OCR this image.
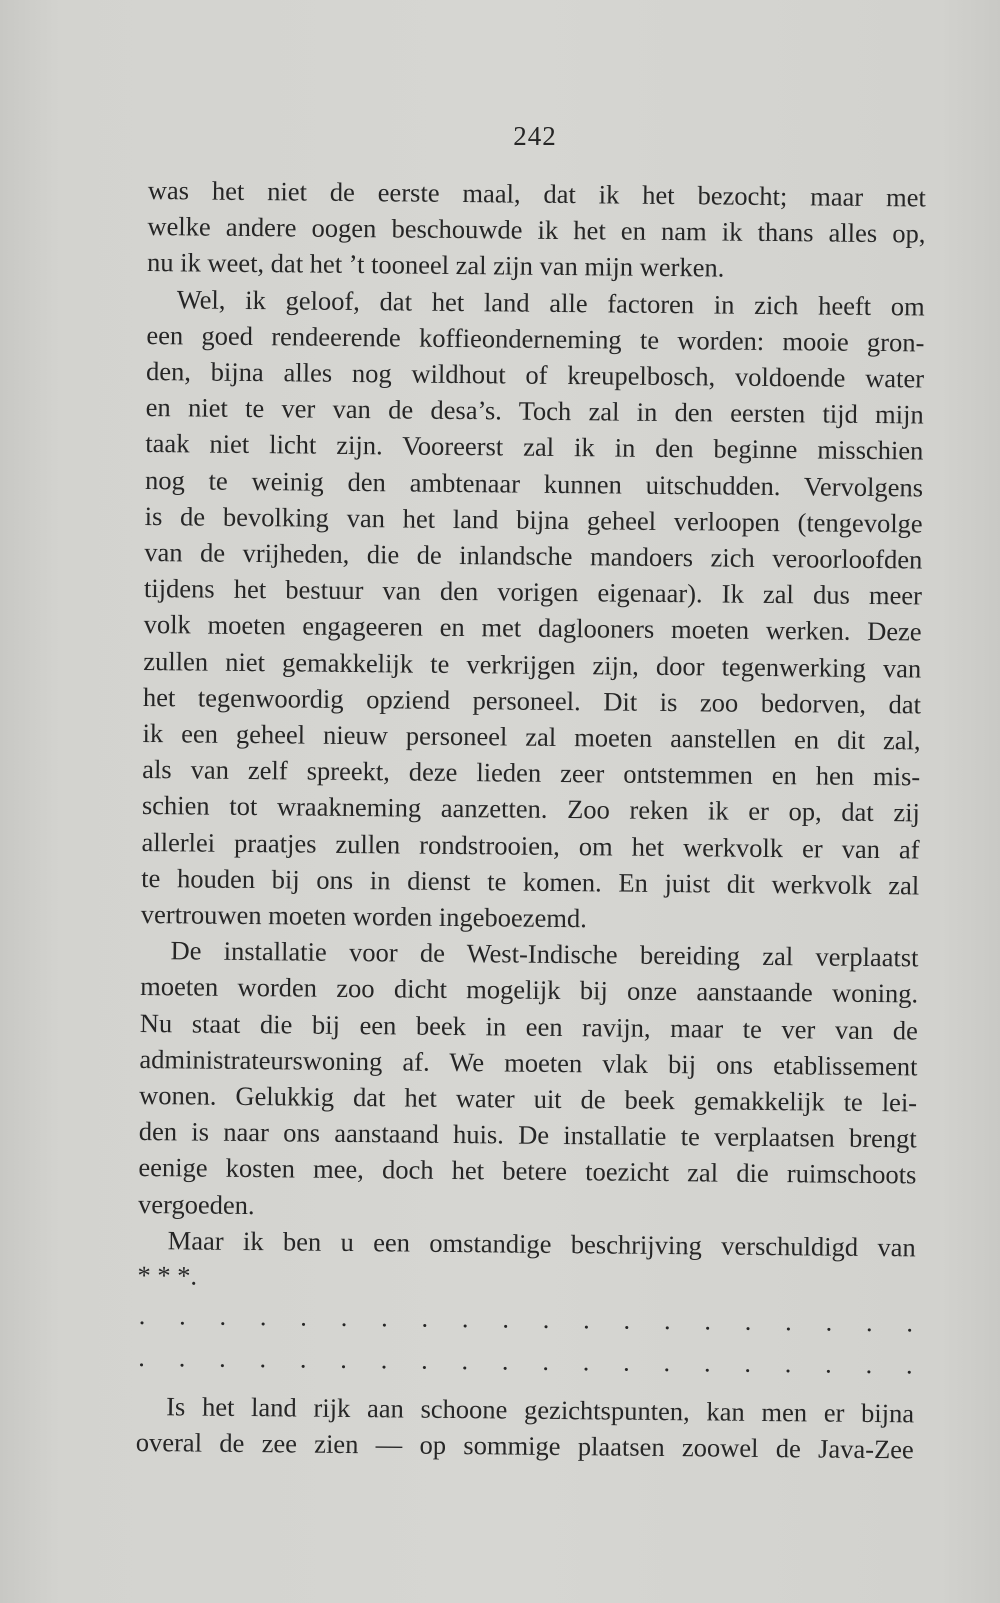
242
was het niet de eerste maal, dat ik het bezocht; maar met
welke andere oogen beschouwde ik het en nam ik thans alles op,
nu ik weet, dat het ’t tooneel zal zijn van mijn werken.
Wel, ik geloof, dat het land alle factoren in zich heeft om
een goed rendeerende koffieonderneming te worden: mooie gron-
den, bijna alles nog wildhout of kreupelbosch, voldoende water
en niet te ver van de desa’s. Toch zal in den eersten tijd mijn
taak niet licht zijn. Vooreerst zal ik in den beginne misschien
nog te weinig den ambtenaar kunnen uitschudden. Vervolgens
is de bevolking van het land bijna geheel verloopen (tengevolge
van de vrijheden, die de inlandsche mandoers zich veroorloofden
tijdens het bestuur van den vorigen eigenaar). Ik zal dus meer
volk moeten engageeren en met daglooners moeten werken. Deze
zullen niet gemakkelijk te verkrijgen zijn, door tegenwerking van
het tegenwoordig opziend personeel. Dit is zoo bedorven, dat
ik een geheel nieuw personeel zal moeten aanstellen en dit zal,
als van zelf spreekt, deze lieden zeer ontstemmen en hen mis-
schien tot wraakneming aanzetten. Zoo reken ik er op, dat zij
allerlei praatjes zullen rondstrooien, om het werkvolk er van af
te houden bij ons in dienst te komen. En juist dit werkvolk zal
vertrouwen moeten worden ingeboezemd.
De installatie voor de West-Indische bereiding zal verplaatst
moeten worden zoo dicht mogelijk bij onze aanstaande woning.
Nu staat die bij een beek in een ravijn, maar te ver van de
administrateurswoning af. We moeten vlak bij ons etablissement
wonen. Gelukkig dat het water uit de beek gemakkelijk te lei-
den is naar ons aanstaand huis. De installatie te verplaatsen brengt
eenige kosten mee, doch het betere toezicht zal die ruimschoots
vergoeden.
Maar ik ben u een omstandige beschrijving verschuldigd van
* * *.
. . . . . . . . . . . . . . . . . . . .
. . . . . . . . . . . . . . . . . . . .
Is het land rijk aan schoone gezichtspunten, kan men er bijna
overal de zee zien — op sommige plaatsen zoowel de Java-Zee
